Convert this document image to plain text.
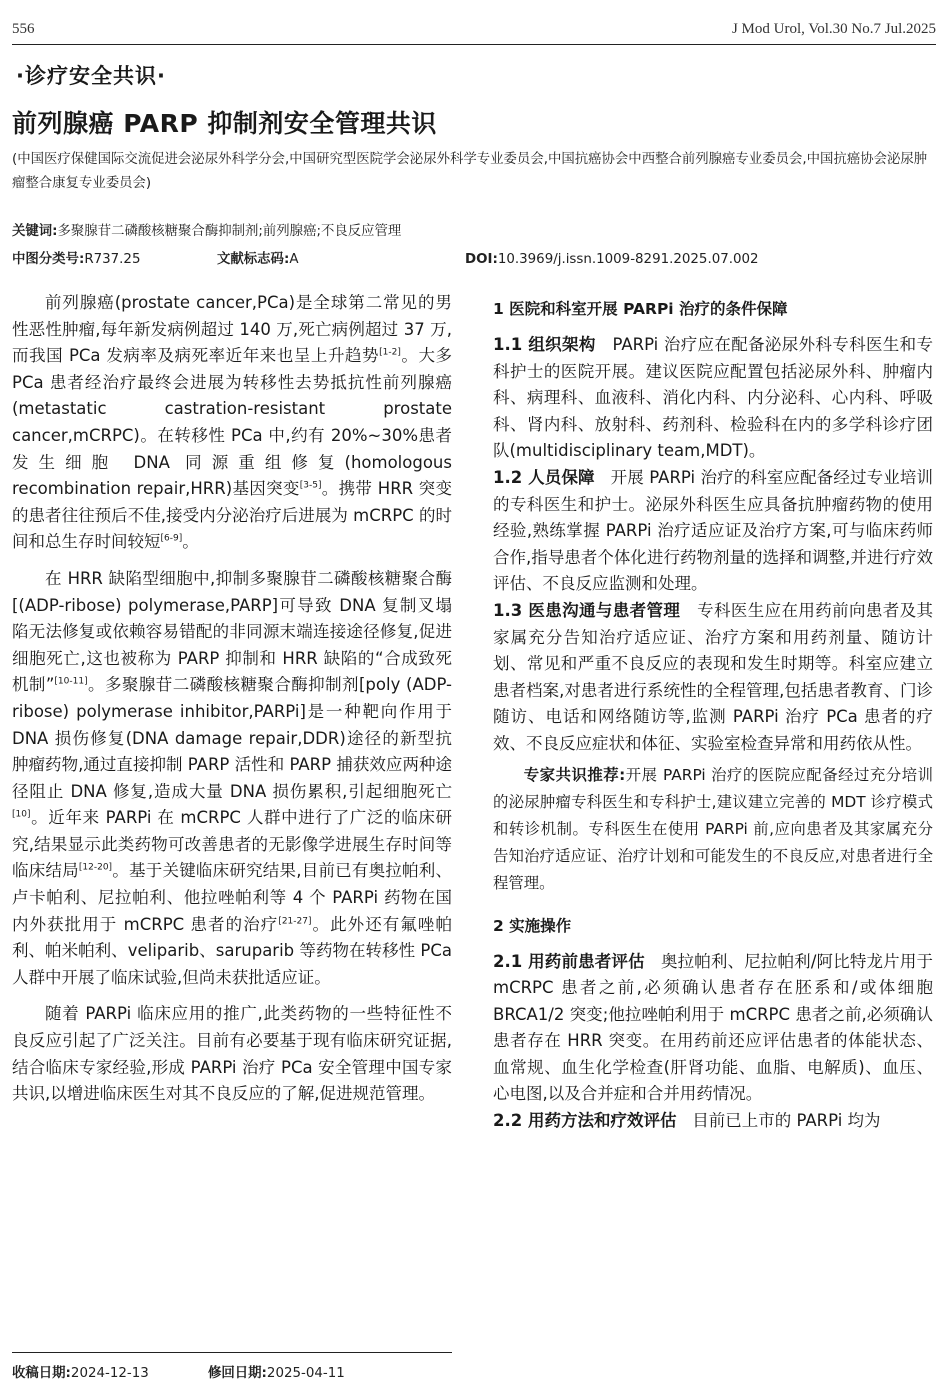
556	J Mod Urol, Vol.30 No.7 Jul.2025
·诊疗安全共识·
前列腺癌 PARP 抑制剂安全管理共识
(中国医疗保健国际交流促进会泌尿外科学分会,中国研究型医院学会泌尿外科学专业委员会,中国抗癌协会中西整合前列腺癌专业委员会,中国抗癌协会泌尿肿瘤整合康复专业委员会)
关键词:多聚腺苷二磷酸核糖聚合酶抑制剂;前列腺癌;不良反应管理
中图分类号:R737.25	文献标志码:A	DOI:10.3969/j.issn.1009-8291.2025.07.002

前列腺癌(prostate cancer,PCa)是全球第二常见的男性恶性肿瘤,每年新发病例超过 140 万,死亡病例超过 37 万,而我国 PCa 发病率及病死率近年来也呈上升趋势[1-2]。大多 PCa 患者经治疗最终会进展为转移性去势抵抗性前列腺癌(metastatic castration-resistant prostate cancer,mCRPC)。在转移性 PCa 中,约有 20%~30%患者发生细胞 DNA 同源重组修复(homologous recombination repair,HRR)基因突变[3-5]。携带 HRR 突变的患者往往预后不佳,接受内分泌治疗后进展为 mCRPC 的时间和总生存时间较短[6-9]。

在 HRR 缺陷型细胞中,抑制多聚腺苷二磷酸核糖聚合酶[(ADP-ribose) polymerase,PARP]可导致 DNA 复制叉塌陷无法修复或依赖容易错配的非同源末端连接途径修复,促进细胞死亡,这也被称为 PARP 抑制和 HRR 缺陷的“合成致死机制”[10-11]。多聚腺苷二磷酸核糖聚合酶抑制剂[poly (ADP-ribose) polymerase inhibitor,PARPi]是一种靶向作用于 DNA 损伤修复(DNA damage repair,DDR)途径的新型抗肿瘤药物,通过直接抑制 PARP 活性和 PARP 捕获效应两种途径阻止 DNA 修复,造成大量 DNA 损伤累积,引起细胞死亡[10]。近年来 PARPi 在 mCRPC 人群中进行了广泛的临床研究,结果显示此类药物可改善患者的无影像学进展生存时间等临床结局[12-20]。基于关键临床研究结果,目前已有奥拉帕利、卢卡帕利、尼拉帕利、他拉唑帕利等 4 个 PARPi 药物在国内外获批用于 mCRPC 患者的治疗[21-27]。此外还有氟唑帕利、帕米帕利、veliparib、saruparib 等药物在转移性 PCa 人群中开展了临床试验,但尚未获批适应证。

随着 PARPi 临床应用的推广,此类药物的一些特征性不良反应引起了广泛关注。目前有必要基于现有临床研究证据,结合临床专家经验,形成 PARPi 治疗 PCa 安全管理中国专家共识,以增进临床医生对其不良反应的了解,促进规范管理。

1 医院和科室开展 PARPi 治疗的条件保障

1.1 组织架构 PARPi 治疗应在配备泌尿外科专科医生和专科护士的医院开展。建议医院应配置包括泌尿外科、肿瘤内科、病理科、血液科、消化内科、内分泌科、心内科、呼吸科、肾内科、放射科、药剂科、检验科在内的多学科诊疗团队(multidisciplinary team,MDT)。

1.2 人员保障 开展 PARPi 治疗的科室应配备经过专业培训的专科医生和护士。泌尿外科医生应具备抗肿瘤药物的使用经验,熟练掌握 PARPi 治疗适应证及治疗方案,可与临床药师合作,指导患者个体化进行药物剂量的选择和调整,并进行疗效评估、不良反应监测和处理。

1.3 医患沟通与患者管理 专科医生应在用药前向患者及其家属充分告知治疗适应证、治疗方案和用药剂量、随访计划、常见和严重不良反应的表现和发生时期等。科室应建立患者档案,对患者进行系统性的全程管理,包括患者教育、门诊随访、电话和网络随访等,监测 PARPi 治疗 PCa 患者的疗效、不良反应症状和体征、实验室检查异常和用药依从性。

专家共识推荐:开展 PARPi 治疗的医院应配备经过充分培训的泌尿肿瘤专科医生和专科护士,建议建立完善的 MDT 诊疗模式和转诊机制。专科医生在使用 PARPi 前,应向患者及其家属充分告知治疗适应证、治疗计划和可能发生的不良反应,对患者进行全程管理。

2 实施操作

2.1 用药前患者评估 奥拉帕利、尼拉帕利/阿比特龙片用于 mCRPC 患者之前,必须确认患者存在胚系和/或体细胞 BRCA1/2 突变;他拉唑帕利用于 mCRPC 患者之前,必须确认患者存在 HRR 突变。在用药前还应评估患者的体能状态、血常规、血生化学检查(肝肾功能、血脂、电解质)、血压、心电图,以及合并症和合并用药情况。

2.2 用药方法和疗效评估 目前已上市的 PARPi 均为

收稿日期:2024-12-13	修回日期:2025-04-11
